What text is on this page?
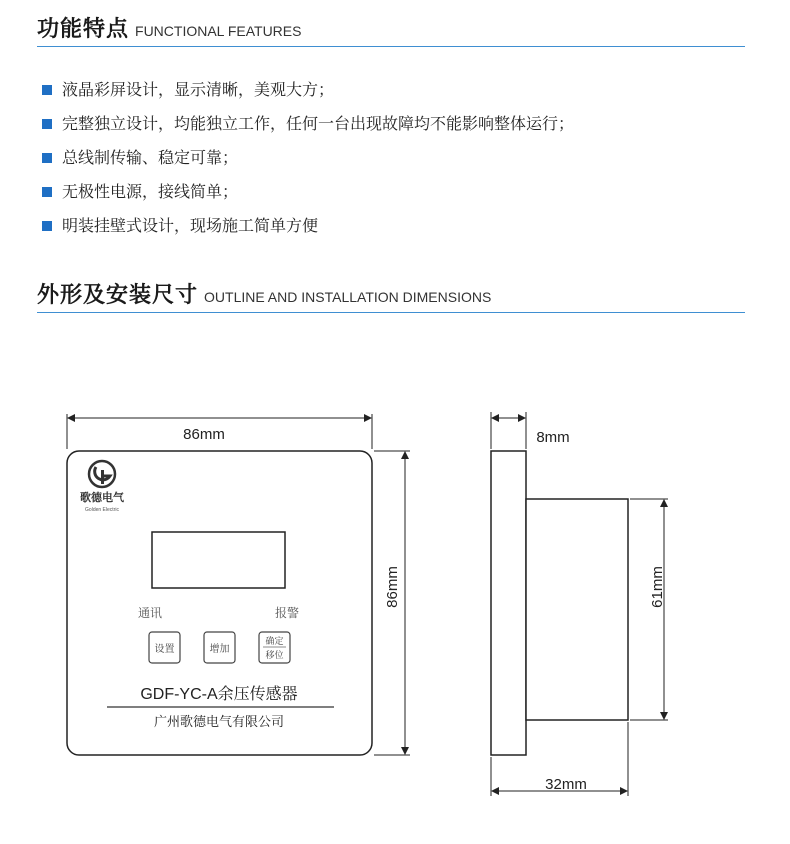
功能特点 FUNCTIONAL FEATURES
液晶彩屏设计，显示清晰，美观大方；
完整独立设计，均能独立工作，任何一台出现故障均不能影响整体运行；
总线制传输、稳定可靠；
无极性电源，接线简单；
明装挂壁式设计，现场施工简单方便
外形及安装尺寸 OUTLINE AND INSTALLATION DIMENSIONS
歌德电气
Golden Electric
通讯	报警
设置	增加
确定
移位
GDF-YC-A余压传感器
广州歌德电气有限公司
86mm
86mm
8mm
61mm
32mm
